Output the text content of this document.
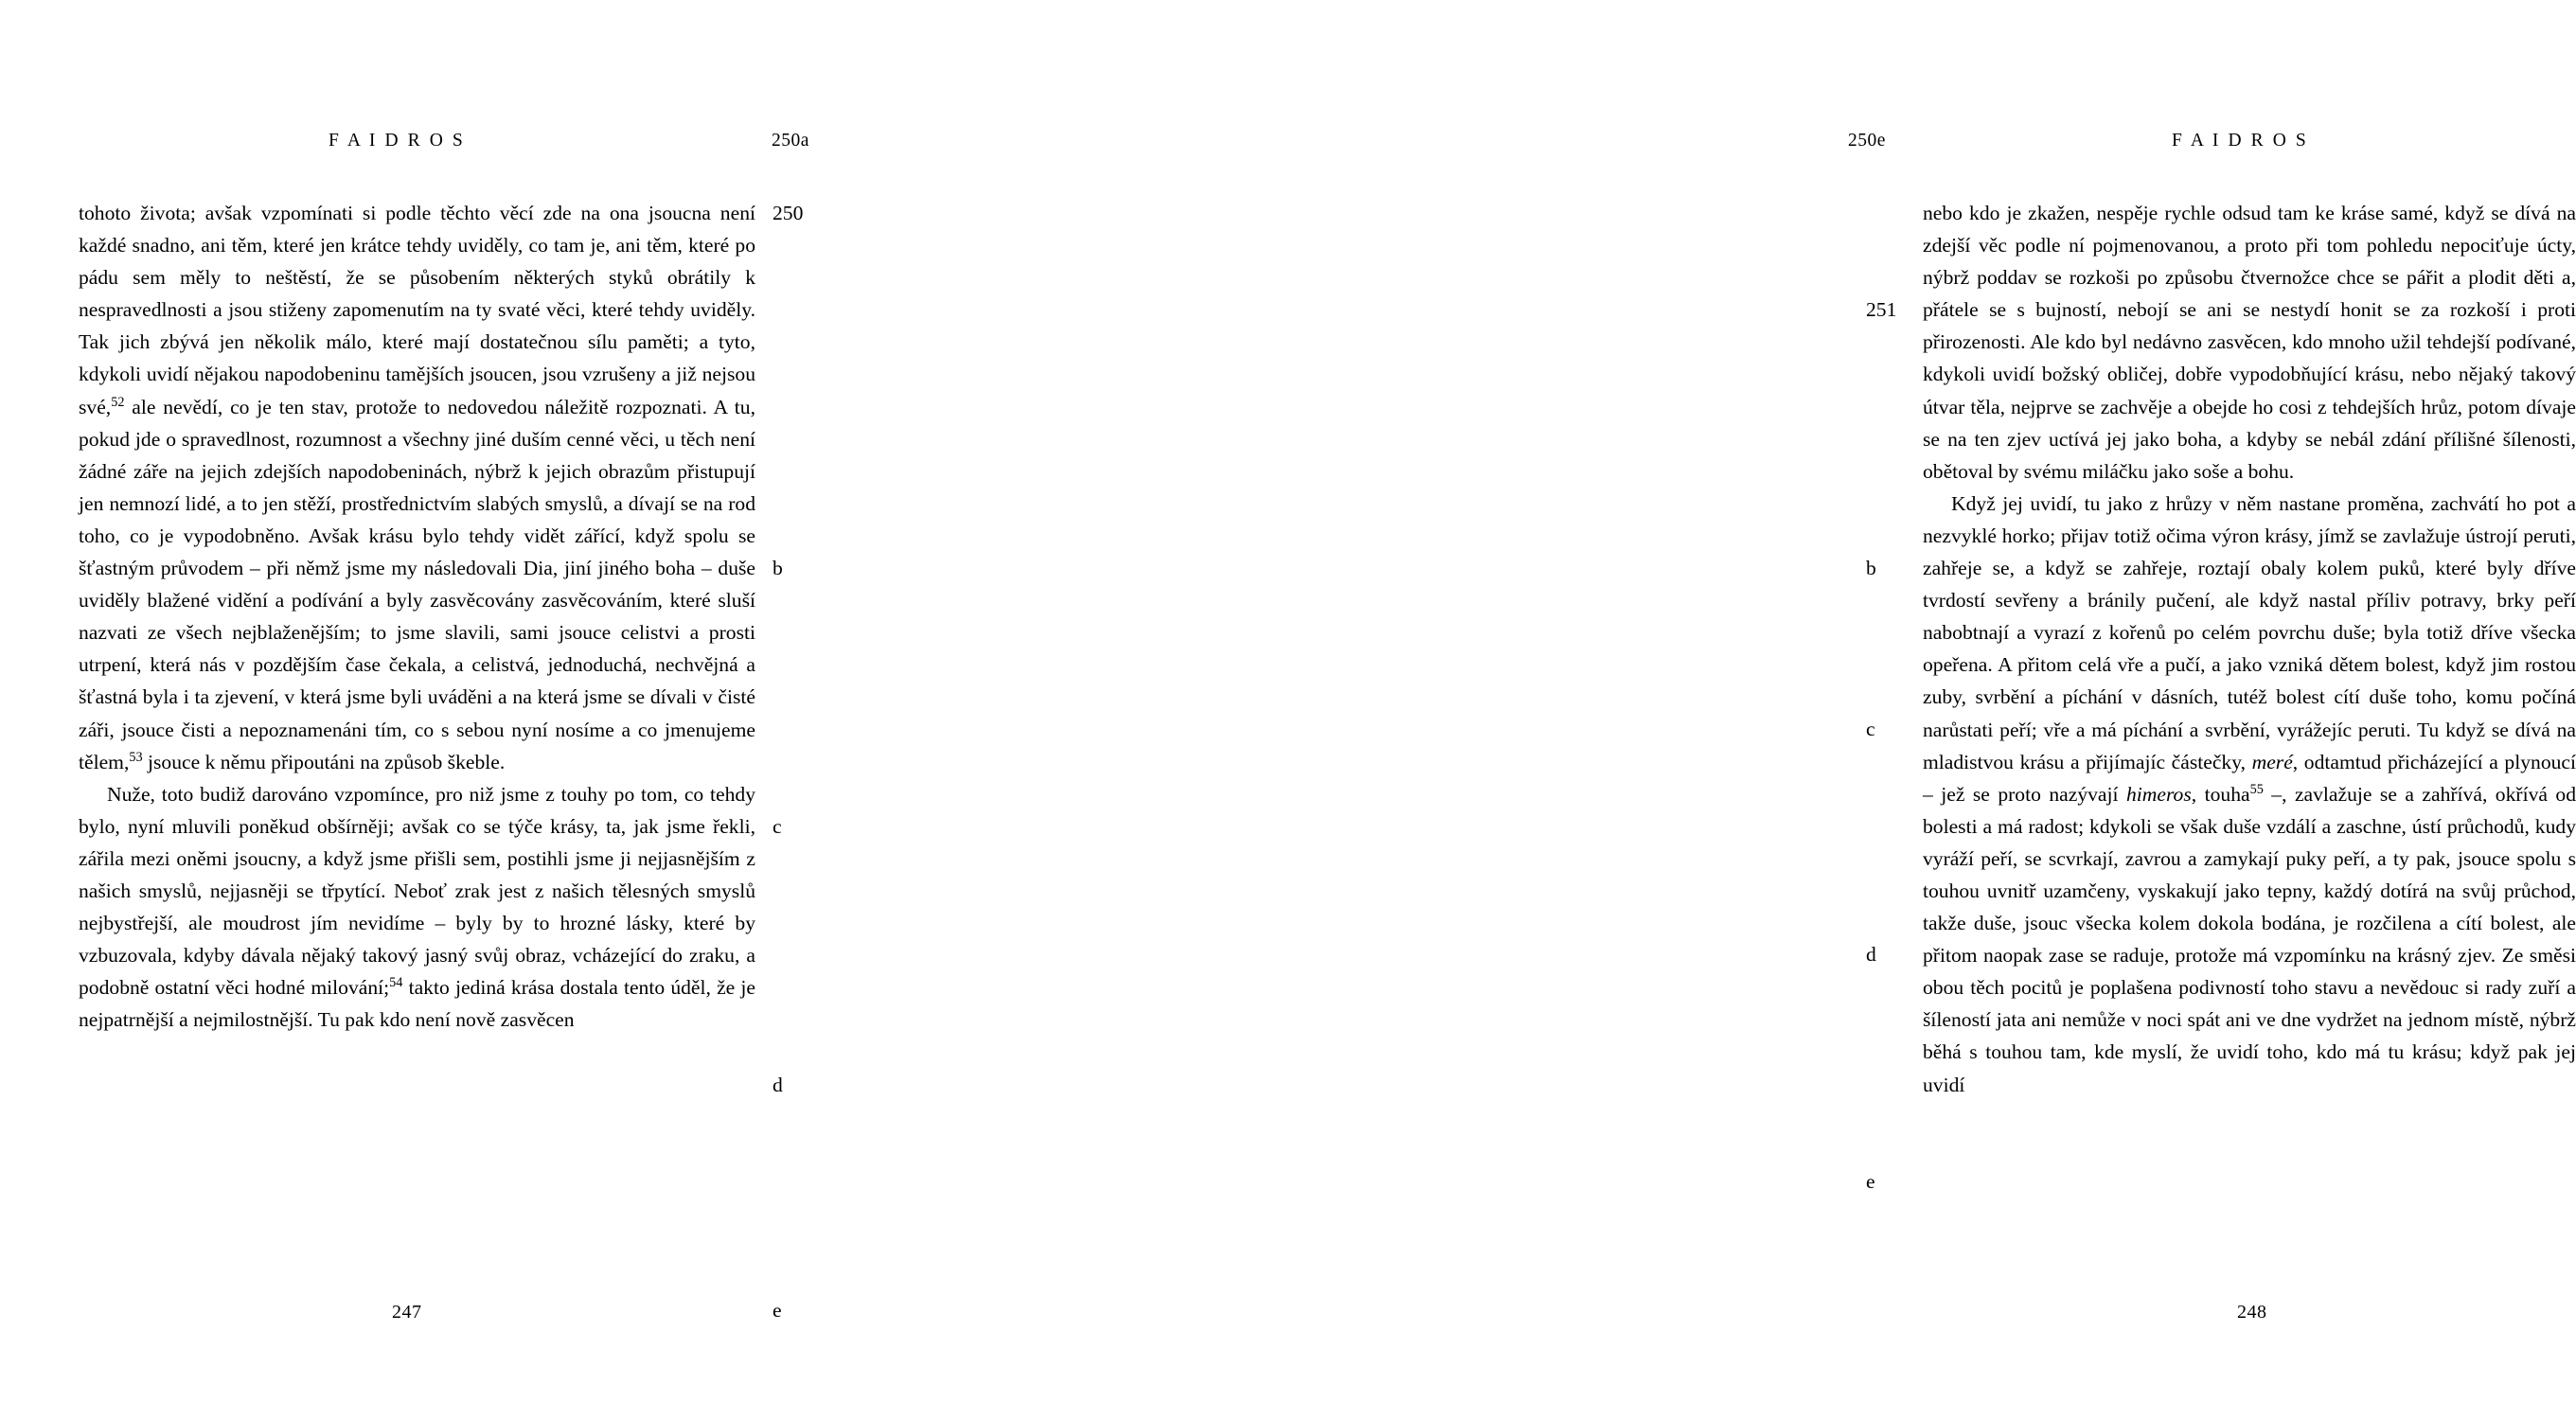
F A I D R O S	250a

tohoto života; avšak vzpomínati si podle těchto věcí zde na ona jsoucna není každé snadno, ani těm, které jen krátce tehdy uviděly, co tam je, ani těm, které po pádu sem měly to neštěstí, že se působením některých styků obrátily k nespravedlnosti a jsou stiženy zapomenutím na ty svaté věci, které tehdy uviděly. Tak jich zbývá jen několik málo, které mají dostatečnou sílu paměti; a tyto, kdykoli uvidí nějakou napodobeninu tamějších jsoucen, jsou vzrušeny a již nejsou své,$^{52}$ ale nevědí, co je ten stav, protože to nedovedou náležitě rozpoznati. A tu, pokud jde o spravedlnost, rozumnost a všechny jiné duším cenné věci, u těch není žádné záře na jejich zdejších napodobeninách, nýbrž k jejich obrazům přistupují jen nemnozí lidé, a to jen stěží, prostřednictvím slabých smyslů, a dívají se na rod toho, co je vypodobněno. Avšak krásu bylo tehdy vidět zářící, když spolu se šťastným průvodem – při němž jsme my následovali Dia, jiní jiného boha – duše uviděly blažené vidění a podívání a byly zasvěcovány zasvěcováním, které sluší nazvati ze všech nejblaženějším; to jsme slavili, sami jsouce celistvi a prosti utrpení, která nás v pozdějším čase čekala, a celistvá, jednoduchá, nechvějná a šťastná byla i ta zjevení, v která jsme byli uváděni a na která jsme se dívali v čisté záři, jsouce čisti a nepoznamenáni tím, co s sebou nyní nosíme a co jmenujeme tělem,$^{53}$ jsouce k němu připoutáni na způsob škeble.

Nuže, toto budiž darováno vzpomínce, pro niž jsme z touhy po tom, co tehdy bylo, nyní mluvili poněkud obšírněji; avšak co se týče krásy, ta, jak jsme řekli, zářila mezi oněmi jsoucny, a když jsme přišli sem, postihli jsme ji nejjasnějším z našich smyslů, nejjasněji se třpytící. Neboť zrak jest z našich tělesných smyslů nejbystřejší, ale moudrost jím nevidíme – byly by to hrozné lásky, které by vzbuzovala, kdyby dávala nějaký takový jasný svůj obraz, vcházející do zraku, a podobně ostatní věci hodné milování;$^{54}$ takto jediná krása dostala tento úděl, že je nejpatrnější a nejmilostnější. Tu pak kdo není nově zasvěcen

250
b
c
d
e
247
250e	F A I D R O S

nebo kdo je zkažen, nespěje rychle odsud tam ke kráse samé, když se dívá na zdejší věc podle ní pojmenovanou, a proto při tom pohledu nepociťuje úcty, nýbrž poddav se rozkoši po způsobu čtvernožce chce se pářit a plodit děti a, přátele se s bujností, nebojí se ani se nestydí honit se za rozkoší i proti přirozenosti. Ale kdo byl nedávno zasvěcen, kdo mnoho užil tehdejší podívané, kdykoli uvidí božský obličej, dobře vypodobňující krásu, nebo nějaký takový útvar těla, nejprve se zachvěje a obejde ho cosi z tehdejších hrůz, potom dívaje se na ten zjev uctívá jej jako boha, a kdyby se nebál zdání přílišné šílenosti, obětoval by svému miláčku jako soše a bohu.

Když jej uvidí, tu jako z hrůzy v něm nastane proměna, zachvátí ho pot a nezvyklé horko; přijav totiž očima výron krásy, jímž se zavlažuje ústrojí peruti, zahřeje se, a když se zahřeje, roztají obaly kolem puků, které byly dříve tvrdostí sevřeny a bránily pučení, ale když nastal příliv potravy, brky peří nabobtnají a vyrazí z kořenů po celém povrchu duše; byla totiž dříve všecka opeřena. A přitom celá vře a pučí, a jako vzniká dětem bolest, když jim rostou zuby, svrbění a píchání v dásních, tutéž bolest cítí duše toho, komu počíná narůstati peří; vře a má píchání a svrbění, vyrážejíc peruti. Tu když se dívá na mladistvou krásu a přijímajíc částečky, meré, odtamtud přicházející a plynoucí – jež se proto nazývají himeros, touha$^{55}$ –, zavlažuje se a zahřívá, okřívá od bolesti a má radost; kdykoli se však duše vzdálí a zaschne, ústí průchodů, kudy vyráží peří, se scvrkají, zavrou a zamykají puky peří, a ty pak, jsouce spolu s touhou uvnitř uzamčeny, vyskakují jako tepny, každý dotírá na svůj průchod, takže duše, jsouc všecka kolem dokola bodána, je rozčilena a cítí bolest, ale přitom naopak zase se raduje, protože má vzpomínku na krásný zjev. Ze směsi obou těch pocitů je poplašena podivností toho stavu a nevědouc si rady zuří a šíleností jata ani nemůže v noci spát ani ve dne vydržet na jednom místě, nýbrž běhá s touhou tam, kde myslí, že uvidí toho, kdo má tu krásu; když pak jej uvidí

251
b
c
d
e
248
